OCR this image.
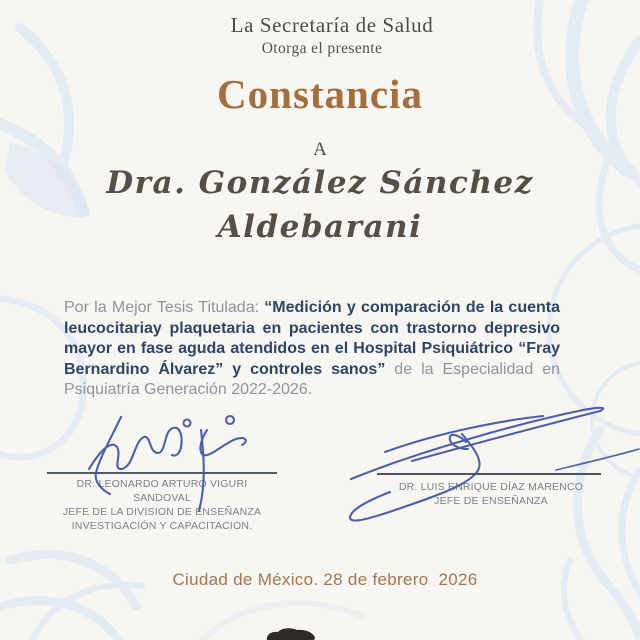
La Secretaría de Salud
Otorga el presente
Constancia
A
Dra. González Sánchez
Aldebarani

Por la Mejor Tesis Titulada: “Medición y comparación de la cuenta leucocitariay plaquetaria en pacientes con trastorno depresivo mayor en fase aguda atendidos en el Hospital Psiquiátrico “Fray Bernardino Álvarez” y controles sanos” de la Especialidad en Psiquiatría Generación 2022-2026.

DR. LEONARDO ARTURO VIGURI
SANDOVAL
JEFE DE LA DIVISION DE ENSEÑANZA
INVESTIGACIÓN Y CAPACITACION.
DR. LUIS ENRIQUE DÍAZ MARENCO
JEFE DE ENSEÑANZA
Ciudad de México. 28 de febrero  2026
